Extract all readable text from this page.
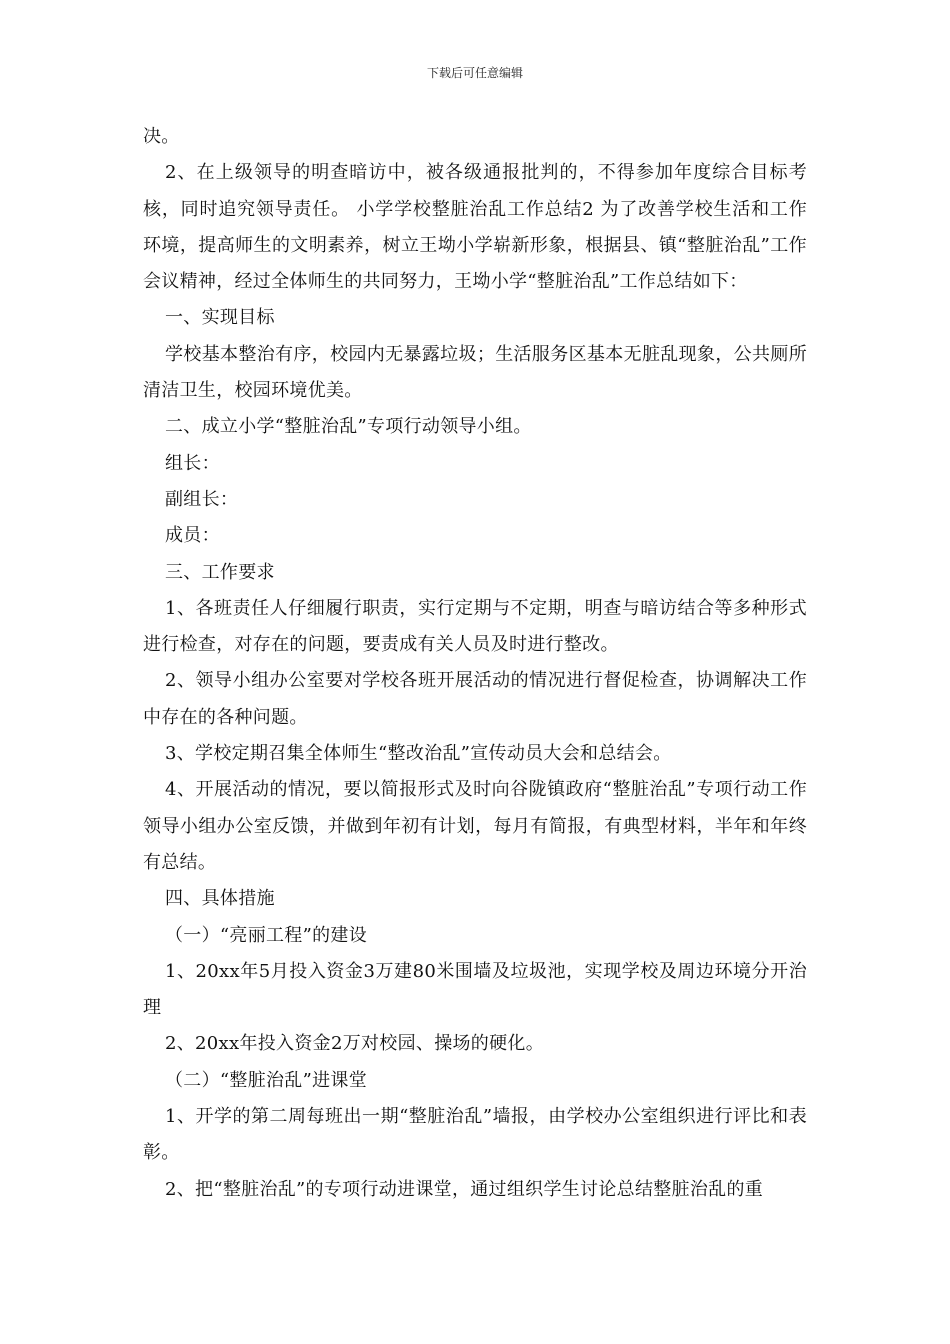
下载后可任意编辑

决。

2、在上级领导的明查暗访中，被各级通报批判的，不得参加年度综合目标考核，同时追究领导责任。 小学学校整脏治乱工作总结2 为了改善学校生活和工作环境，提高师生的文明素养，树立王坳小学崭新形象，根据县、镇“整脏治乱”工作会议精神，经过全体师生的共同努力，王坳小学“整脏治乱”工作总结如下：

一、实现目标

学校基本整治有序，校园内无暴露垃圾；生活服务区基本无脏乱现象，公共厕所清洁卫生，校园环境优美。

二、成立小学“整脏治乱”专项行动领导小组。

组长：

副组长：

成员：

三、工作要求

1、各班责任人仔细履行职责，实行定期与不定期，明查与暗访结合等多种形式进行检查，对存在的问题，要责成有关人员及时进行整改。

2、领导小组办公室要对学校各班开展活动的情况进行督促检查，协调解决工作中存在的各种问题。

3、学校定期召集全体师生“整改治乱”宣传动员大会和总结会。

4、开展活动的情况，要以简报形式及时向谷陇镇政府“整脏治乱”专项行动工作领导小组办公室反馈，并做到年初有计划，每月有简报，有典型材料，半年和年终有总结。

四、具体措施

（一）“亮丽工程”的建设

1、20xx年5月投入资金3万建80米围墙及垃圾池，实现学校及周边环境分开治理

2、20xx年投入资金2万对校园、操场的硬化。

（二）“整脏治乱”进课堂

1、开学的第二周每班出一期“整脏治乱”墙报，由学校办公室组织进行评比和表彰。

2、把“整脏治乱”的专项行动进课堂，通过组织学生讨论总结整脏治乱的重
